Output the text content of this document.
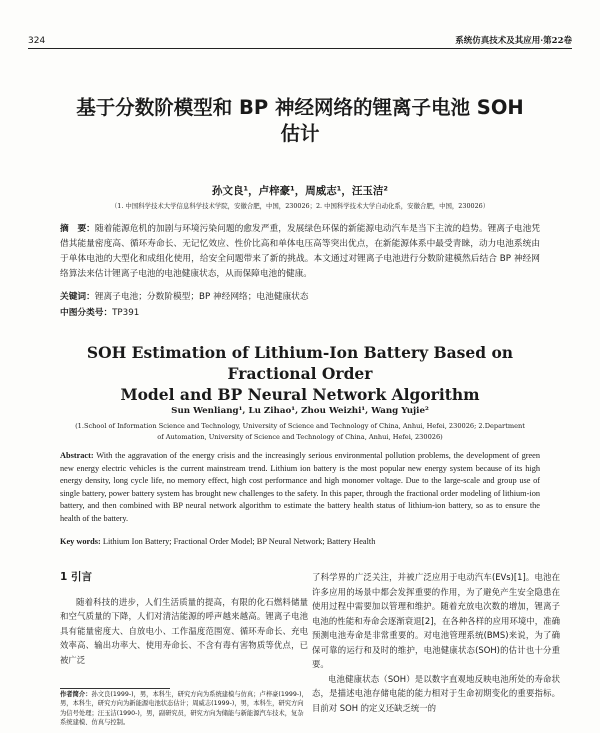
324	系统仿真技术及其应用·第22卷
基于分数阶模型和 BP 神经网络的锂离子电池 SOH
估计
孙文良¹，卢梓豪¹，周威志¹，汪玉洁²
（1. 中国科学技术大学信息科学技术学院，安徽合肥，中国，230026；2. 中国科学技术大学自动化系，安徽合肥，中国，230026）
摘　要：随着能源危机的加剧与环境污染问题的愈发严重，发展绿色环保的新能源电动汽车是当下主流的趋势。锂离子电池凭借其能量密度高、循环寿命长、无记忆效应、性价比高和单体电压高等突出优点，在新能源体系中最受青睐，动力电池系统由于单体电池的大型化和成组化使用，给安全问题带来了新的挑战。本文通过对锂离子电池进行分数阶建模然后结合 BP 神经网络算法来估计锂离子电池的电池健康状态，从而保障电池的健康。
关键词：锂离子电池；分数阶模型；BP 神经网络；电池健康状态
中图分类号：TP391
SOH Estimation of Lithium-Ion Battery Based on Fractional Order
Model and BP Neural Network Algorithm
Sun Wenliang¹, Lu Zihao¹, Zhou Weizhi¹, Wang Yujie²
(1.School of Information Science and Technology, University of Science and Technology of China, Anhui, Hefei, 230026; 2.Department of Automation, University of Science and Technology of China, Anhui, Hefei, 230026)
Abstract: With the aggravation of the energy crisis and the increasingly serious environmental pollution problems, the development of green new energy electric vehicles is the current mainstream trend. Lithium ion battery is the most popular new energy system because of its high energy density, long cycle life, no memory effect, high cost performance and high monomer voltage. Due to the large-scale and group use of single battery, power battery system has brought new challenges to the safety. In this paper, through the fractional order modeling of lithium-ion battery, and then combined with BP neural network algorithm to estimate the battery health status of lithium-ion battery, so as to ensure the health of the battery.
Key words: Lithium Ion Battery; Fractional Order Model; BP Neural Network; Battery Health
1 引言

随着科技的进步，人们生活质量的提高，有限的化石燃料储量和空气质量的下降，人们对清洁能源的呼声越来越高。锂离子电池具有能量密度大、自放电小、工作温度范围宽、循环寿命长、充电效率高、输出功率大、使用寿命长、不含有毒有害物质等优点，已被广泛

了科学界的广泛关注，并被广泛应用于电动汽车(EVs)[1]。电池在许多应用的场景中都会发挥重要的作用，为了避免产生安全隐患在使用过程中需要加以管理和维护。随着充放电次数的增加，锂离子电池的性能和寿命会逐渐衰退[2]，在各种各样的应用环境中，准确预测电池寿命是非常重要的。对电池管理系统(BMS)来说，为了确保可靠的运行和及时的维护，电池健康状态(SOH)的估计也十分重要。

电池健康状态（SOH）是以数字直观地反映电池所处的寿命状态，是描述电池存储电能的能力相对于生命初期变化的重要指标。目前对 SOH 的定义还缺乏统一的

作者简介：孙文良(1999-)，男，本科生，研究方向为系统建模与仿真；卢梓豪(1999-)，男，本科生，研究方向为新能源电池状态估计；周威志(1999-)，男，本科生，研究方向为信号处理；汪玉洁(1990-)，男，副研究员，研究方向为储能与新能源汽车技术，复杂系统建模、仿真与控制。
